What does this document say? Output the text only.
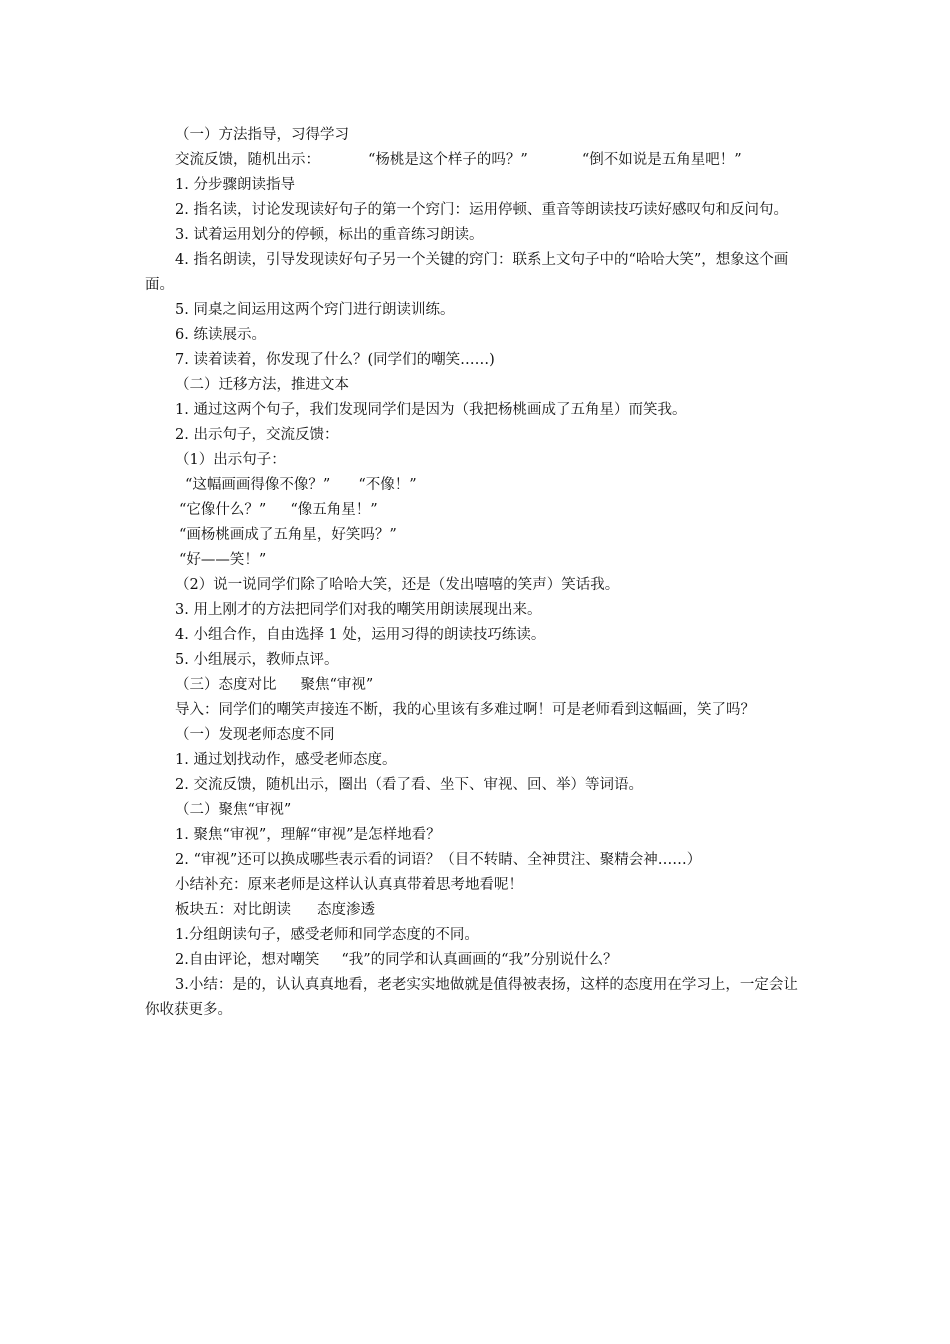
（一）方法指导，习得学习
交流反馈，随机出示：	“杨桃是这个样子的吗？”	“倒不如说是五角星吧！”
1. 分步骤朗读指导
2. 指名读，讨论发现读好句子的第一个窍门：运用停顿、重音等朗读技巧读好感叹句和反问句。
3. 试着运用划分的停顿，标出的重音练习朗读。
4. 指名朗读，引导发现读好句子另一个关键的窍门：联系上文句子中的“哈哈大笑”，想象这个画面。
5. 同桌之间运用这两个窍门进行朗读训练。
6. 练读展示。
7. 读着读着，你发现了什么？(同学们的嘲笑……)
（二）迁移方法，推进文本
1. 通过这两个句子，我们发现同学们是因为（我把杨桃画成了五角星）而笑我。
2. 出示句子，交流反馈：
（1）出示句子：
“这幅画画得像不像？” “不像！”
“它像什么？” “像五角星！”
“画杨桃画成了五角星，好笑吗？”
“好——笑！”
（2）说一说同学们除了哈哈大笑，还是（发出嘻嘻的笑声）笑话我。
3. 用上刚才的方法把同学们对我的嘲笑用朗读展现出来。
4. 小组合作，自由选择 1 处，运用习得的朗读技巧练读。
5. 小组展示，教师点评。
（三）态度对比 聚焦“审视”
导入：同学们的嘲笑声接连不断，我的心里该有多难过啊！可是老师看到这幅画，笑了吗？
（一）发现老师态度不同
1. 通过划找动作，感受老师态度。
2. 交流反馈，随机出示，圈出（看了看、坐下、审视、回、举）等词语。
（二）聚焦“审视”
1. 聚焦“审视”，理解“审视”是怎样地看？
2. “审视”还可以换成哪些表示看的词语？（目不转睛、全神贯注、聚精会神……）
小结补充：原来老师是这样认认真真带着思考地看呢！
板块五：对比朗读 态度渗透
1.分组朗读句子，感受老师和同学态度的不同。
2.自由评论，想对嘲笑 “我”的同学和认真画画的“我”分别说什么？
3.小结：是的，认认真真地看，老老实实地做就是值得被表扬，这样的态度用在学习上，一定会让你收获更多。
